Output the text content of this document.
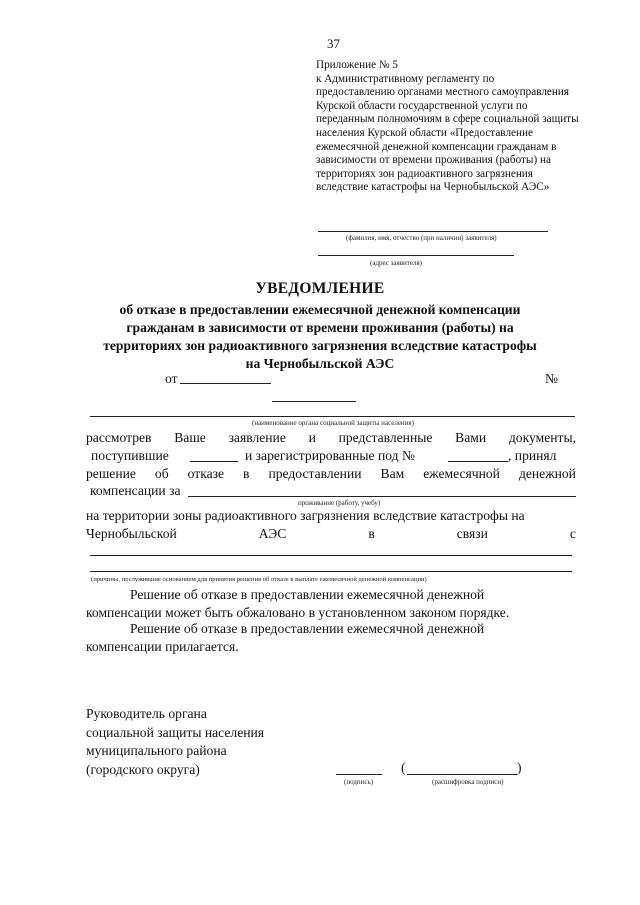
37
Приложение № 5
к Административному регламенту по
предоставлению органами местного самоуправления
Курской области государственной услуги по
переданным полномочиям в сфере социальной защиты
населения Курской области «Предоставление
ежемесячной денежной компенсации гражданам в
зависимости от времени проживания (работы) на
территориях зон радиоактивного загрязнения
вследствие катастрофы на Чернобыльской АЭС»
(фамилия, имя, отчество (при наличии) заявителя)
(адрес заявителя)
УВЕДОМЛЕНИЕ
об отказе в предоставлении ежемесячной денежной компенсации
гражданам в зависимости от времени проживания (работы) на
территориях зон радиоактивного загрязнения вследствие катастрофы
на Чернобыльской АЭС
от	№
(наименование органа социальной защиты населения)
рассмотрев Ваше заявление и представленные Вами документы,
поступившие	и зарегистрированные под №	, принял
решение об отказе в предоставлении Вам ежемесячной денежной
компенсации за
проживание (работу, учебу)
на территории зоны радиоактивного загрязнения вследствие катастрофы на
Чернобыльской	АЭС	в	связи	с
(причины, послужившие основанием для принятия решения об отказе в выплате ежемесячной денежной компенсации)
Решение об отказе в предоставлении ежемесячной денежной
компенсации может быть обжаловано в установленном законом порядке.
Решение об отказе в предоставлении ежемесячной денежной
компенсации прилагается.
Руководитель органа
социальной защиты населения
муниципального района
(городского округа)
(подпись)
(	)
(расшифровка подписи)
